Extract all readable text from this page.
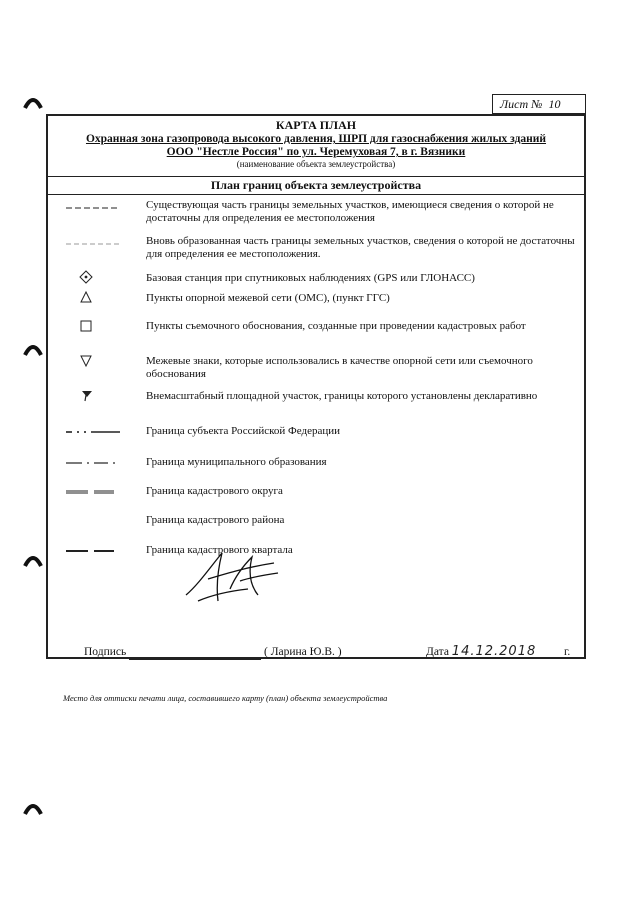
Лист № 10
КАРТА ПЛАН
Охранная зона газопровода высокого давления, ШРП для газоснабжения жилых зданий
ООО "Нестле Россия" по ул. Черемуховая 7, в г. Вязники
(наименование объекта землеустройства)
План границ объекта землеустройства
Существующая часть границы земельных участков, имеющиеся сведения о которой не достаточны для определения ее местоположения
Вновь образованная часть границы земельных участков, сведения о которой не достаточны для определения ее местоположения.
Базовая станция при спутниковых наблюдениях (GPS или ГЛОНАСС)
Пункты опорной межевой сети (ОМС), (пункт ГГС)
Пункты съемочного обоснования, созданные при проведении кадастровых работ
Межевые знаки, которые использовались в качестве опорной сети или съемочного обоснования
Внемасштабный площадной участок, границы которого установлены декларативно
Граница субъекта Российской Федерации
Граница муниципального образования
Граница кадастрового округа
Граница кадастрового района
Граница кадастрового квартала
Подпись	( Ларина Ю.В. )	Дата 14.12.2018 г.
Место для оттиски печати лица, составившего карту (план) объекта землеустройства
